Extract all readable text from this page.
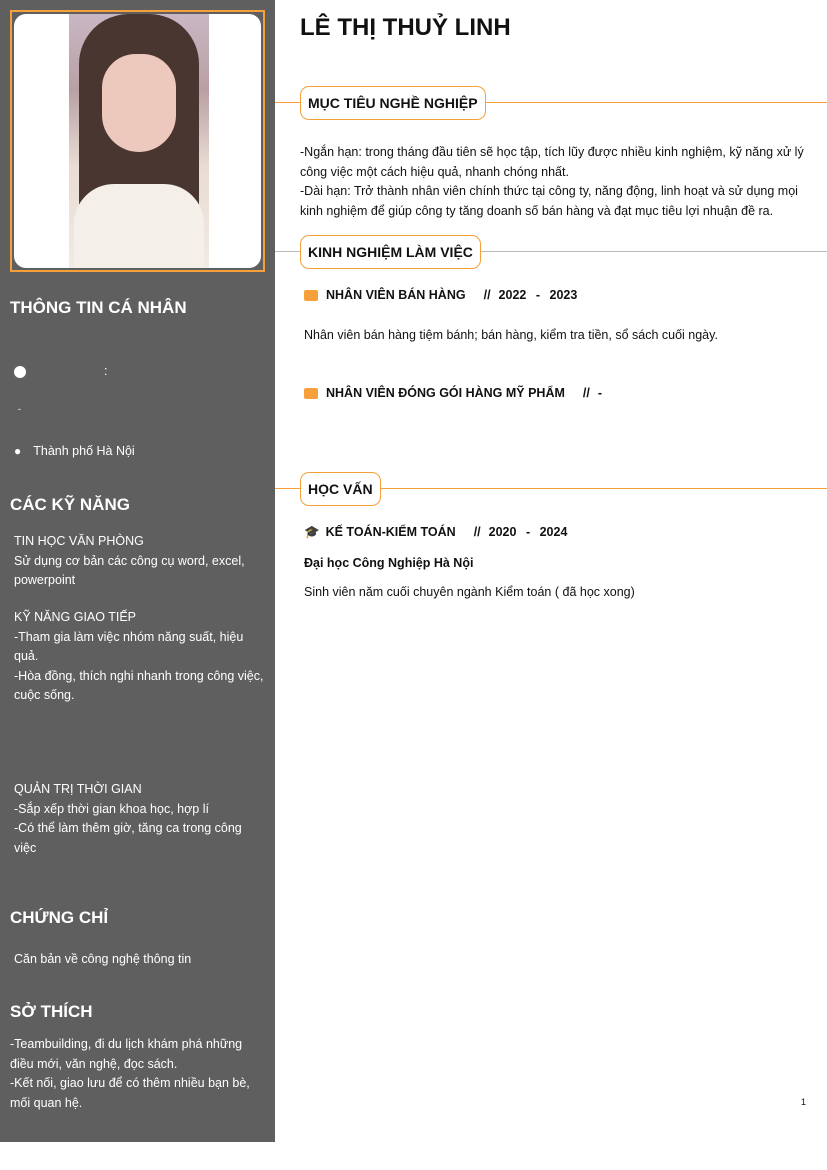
THÔNG TIN CÁ NHÂN
:
-
● Thành phố Hà Nội
CÁC KỸ NĂNG
TIN HỌC VĂN PHÒNG
Sử dụng cơ bản các công cụ word, excel, powerpoint
KỸ NĂNG GIAO TIẾP
-Tham gia làm việc nhóm năng suất, hiệu quả.
-Hòa đồng, thích nghi nhanh trong công việc, cuộc sống.
QUẢN TRỊ THỜI GIAN
-Sắp xếp thời gian khoa học, hợp lí
-Có thể làm thêm giờ, tăng ca trong công việc
CHỨNG CHỈ
Căn bản về công nghệ thông tin
SỞ THÍCH
-Teambuilding, đi du lịch khám phá những điều mới, văn nghệ, đọc sách.
-Kết nối, giao lưu để có thêm nhiều bạn bè, mối quan hệ.
LÊ THỊ THUỶ LINH
MỤC TIÊU NGHỀ NGHIỆP
-Ngắn hạn: trong tháng đầu tiên sẽ học tập, tích lũy được nhiều kinh nghiệm, kỹ năng xử lý công việc một cách hiệu quả, nhanh chóng nhất.
-Dài hạn: Trở thành nhân viên chính thức tại công ty, năng động, linh hoạt và sử dụng mọi kinh nghiệm để giúp công ty tăng doanh số bán hàng và đạt mục tiêu lợi nhuận đề ra.
KINH NGHIỆM LÀM VIỆC
NHÂN VIÊN BÁN HÀNG // 2022 - 2023
Nhân viên bán hàng tiệm bánh; bán hàng, kiểm tra tiền, sổ sách cuối ngày.
NHÂN VIÊN ĐÓNG GÓI HÀNG MỸ PHẨM // -
HỌC VẤN
🎓 KẾ TOÁN-KIỂM TOÁN // 2020 - 2024
Đại học Công Nghiệp Hà Nội
Sinh viên năm cuối chuyên ngành Kiểm toán ( đã học xong)
1
